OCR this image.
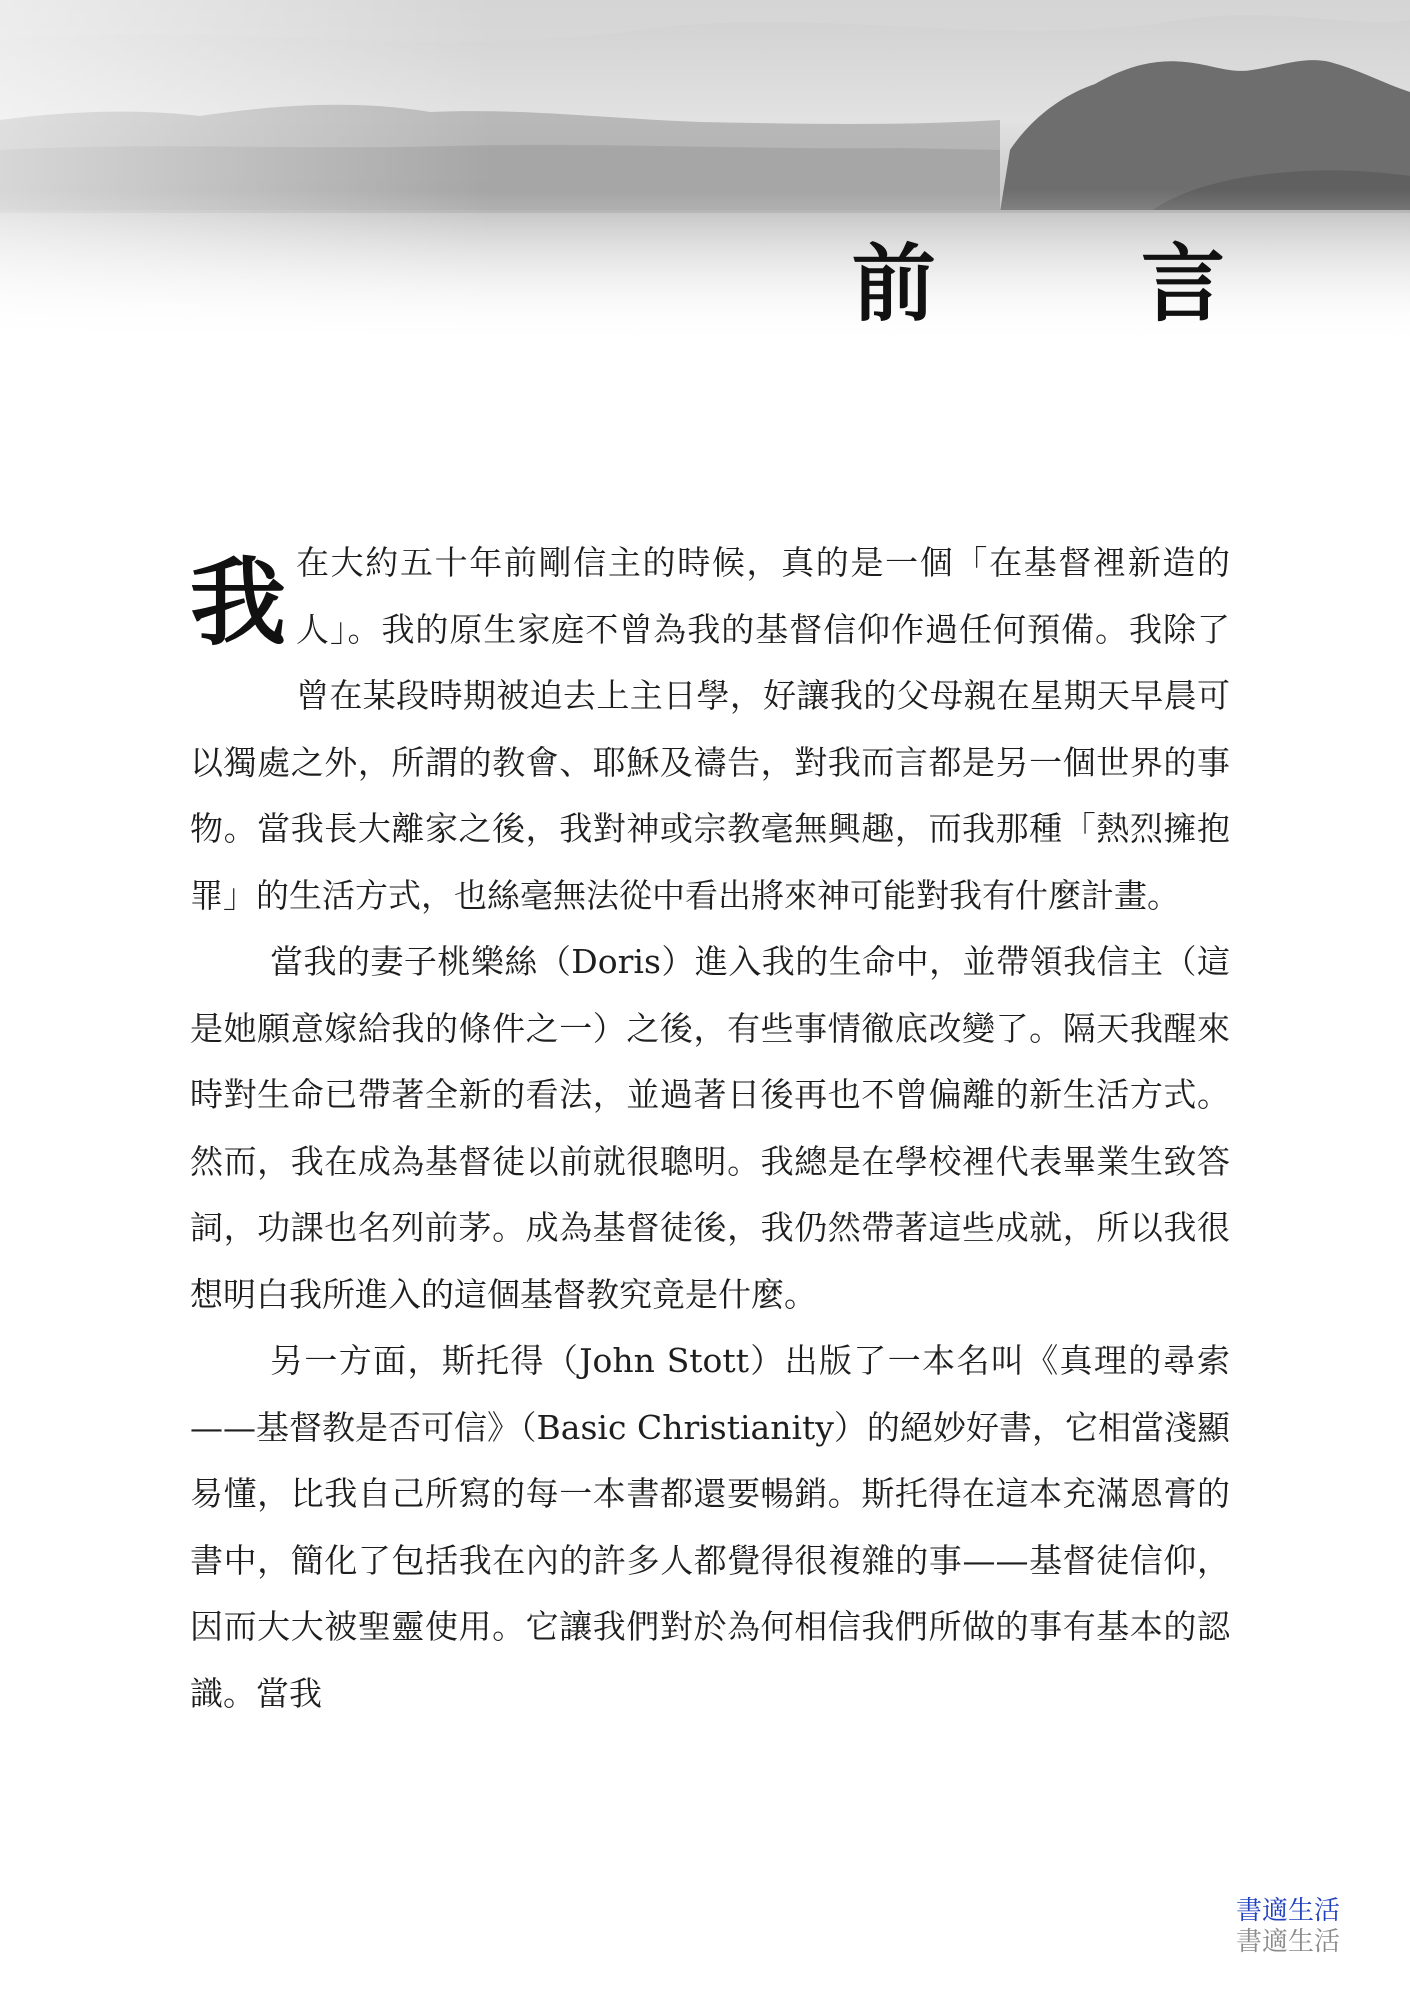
前 言

我在大約五十年前剛信主的時候，真的是一個「在基督裡新造的人」。我的原生家庭不曾為我的基督信仰作過任何預備。我除了曾在某段時期被迫去上主日學，好讓我的父母親在星期天早晨可以獨處之外，所謂的教會、耶穌及禱告，對我而言都是另一個世界的事物。當我長大離家之後，我對神或宗教毫無興趣，而我那種「熱烈擁抱罪」的生活方式，也絲毫無法從中看出將來神可能對我有什麼計畫。

當我的妻子桃樂絲（Doris）進入我的生命中，並帶領我信主（這是她願意嫁給我的條件之一）之後，有些事情徹底改變了。隔天我醒來時對生命已帶著全新的看法，並過著日後再也不曾偏離的新生活方式。然而，我在成為基督徒以前就很聰明。我總是在學校裡代表畢業生致答詞，功課也名列前茅。成為基督徒後，我仍然帶著這些成就，所以我很想明白我所進入的這個基督教究竟是什麼。

另一方面，斯托得（John Stott）出版了一本名叫《真理的尋索——基督教是否可信》（Basic Christianity）的絕妙好書，它相當淺顯易懂，比我自己所寫的每一本書都還要暢銷。斯托得在這本充滿恩膏的書中，簡化了包括我在內的許多人都覺得很複雜的事——基督徒信仰，因而大大被聖靈使用。它讓我們對於為何相信我們所做的事有基本的認識。當我

書適生活
書適生活
